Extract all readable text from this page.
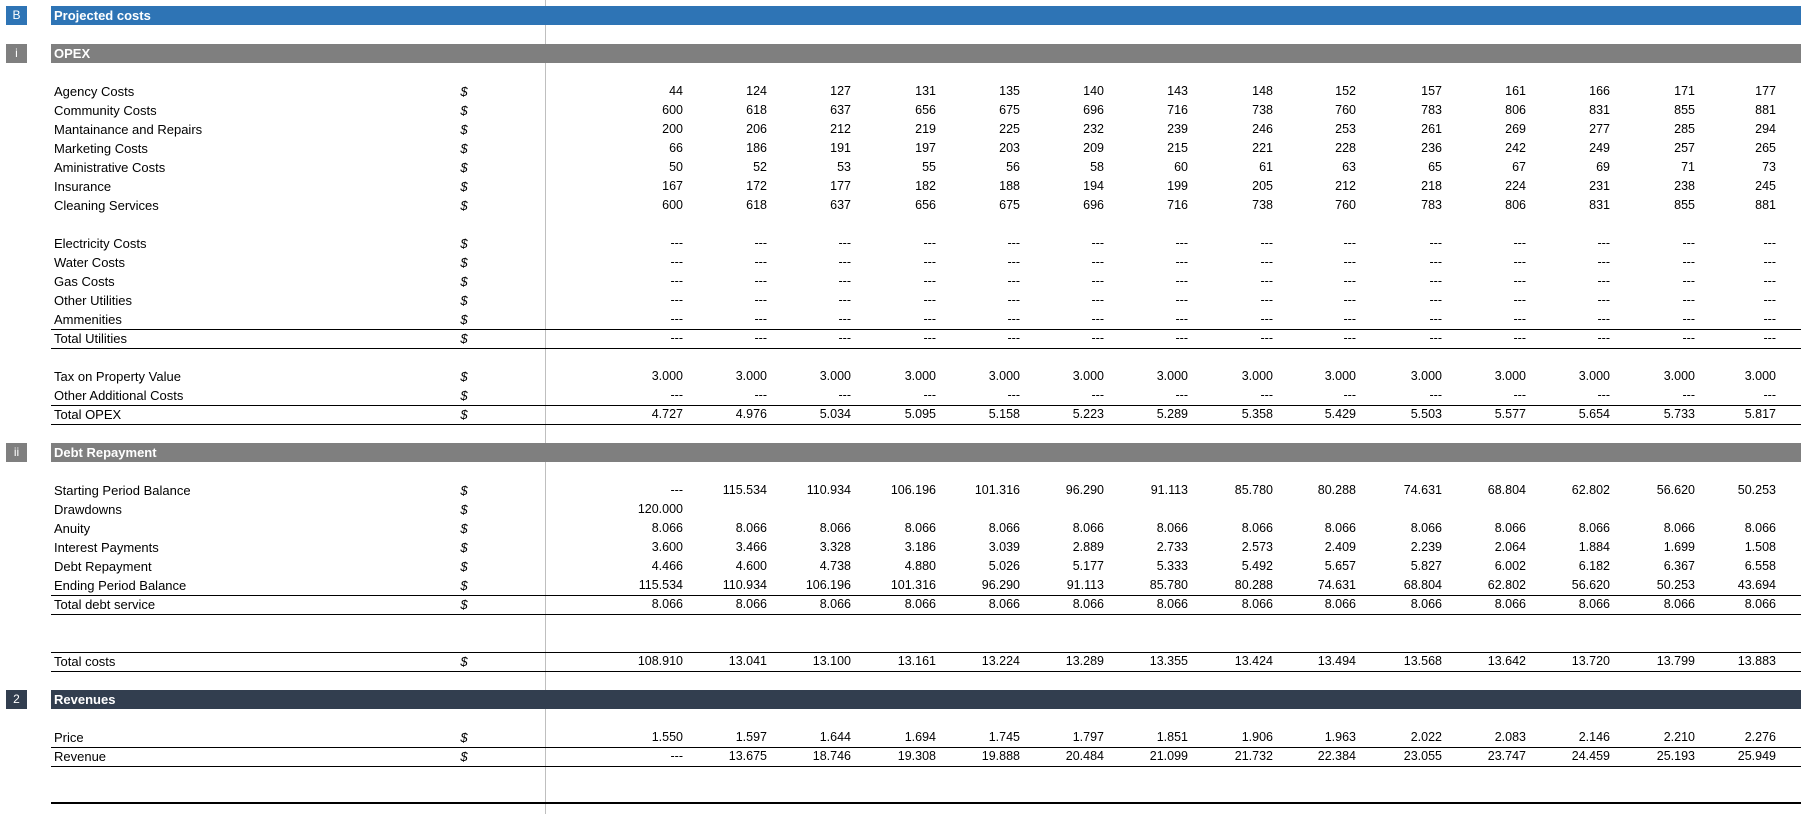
B	Projected costs
i	OPEX
ii	Debt Repayment
2	Revenues
Agency Costs	$	44	124	127	131	135	140	143	148	152	157	161	166	171	177
Community Costs	$	600	618	637	656	675	696	716	738	760	783	806	831	855	881
Mantainance and Repairs	$	200	206	212	219	225	232	239	246	253	261	269	277	285	294
Marketing Costs	$	66	186	191	197	203	209	215	221	228	236	242	249	257	265
Aministrative Costs	$	50	52	53	55	56	58	60	61	63	65	67	69	71	73
Insurance	$	167	172	177	182	188	194	199	205	212	218	224	231	238	245
Cleaning Services	$	600	618	637	656	675	696	716	738	760	783	806	831	855	881
Electricity Costs	$	---	---	---	---	---	---	---	---	---	---	---	---	---	---
Water Costs	$	---	---	---	---	---	---	---	---	---	---	---	---	---	---
Gas Costs	$	---	---	---	---	---	---	---	---	---	---	---	---	---	---
Other Utilities	$	---	---	---	---	---	---	---	---	---	---	---	---	---	---
Ammenities	$	---	---	---	---	---	---	---	---	---	---	---	---	---	---
Total Utilities	$	---	---	---	---	---	---	---	---	---	---	---	---	---	---
Tax on Property Value	$	3.000	3.000	3.000	3.000	3.000	3.000	3.000	3.000	3.000	3.000	3.000	3.000	3.000	3.000
Other Additional Costs	$	---	---	---	---	---	---	---	---	---	---	---	---	---	---
Total OPEX	$	4.727	4.976	5.034	5.095	5.158	5.223	5.289	5.358	5.429	5.503	5.577	5.654	5.733	5.817
Starting Period Balance	$	---	115.534	110.934	106.196	101.316	96.290	91.113	85.780	80.288	74.631	68.804	62.802	56.620	50.253
Drawdowns	$	120.000
Anuity	$	8.066	8.066	8.066	8.066	8.066	8.066	8.066	8.066	8.066	8.066	8.066	8.066	8.066	8.066
Interest Payments	$	3.600	3.466	3.328	3.186	3.039	2.889	2.733	2.573	2.409	2.239	2.064	1.884	1.699	1.508
Debt Repayment	$	4.466	4.600	4.738	4.880	5.026	5.177	5.333	5.492	5.657	5.827	6.002	6.182	6.367	6.558
Ending Period Balance	$	115.534	110.934	106.196	101.316	96.290	91.113	85.780	80.288	74.631	68.804	62.802	56.620	50.253	43.694
Total debt service	$	8.066	8.066	8.066	8.066	8.066	8.066	8.066	8.066	8.066	8.066	8.066	8.066	8.066	8.066
Total costs	$	108.910	13.041	13.100	13.161	13.224	13.289	13.355	13.424	13.494	13.568	13.642	13.720	13.799	13.883
Price	$	1.550	1.597	1.644	1.694	1.745	1.797	1.851	1.906	1.963	2.022	2.083	2.146	2.210	2.276
Revenue	$	---	13.675	18.746	19.308	19.888	20.484	21.099	21.732	22.384	23.055	23.747	24.459	25.193	25.949
